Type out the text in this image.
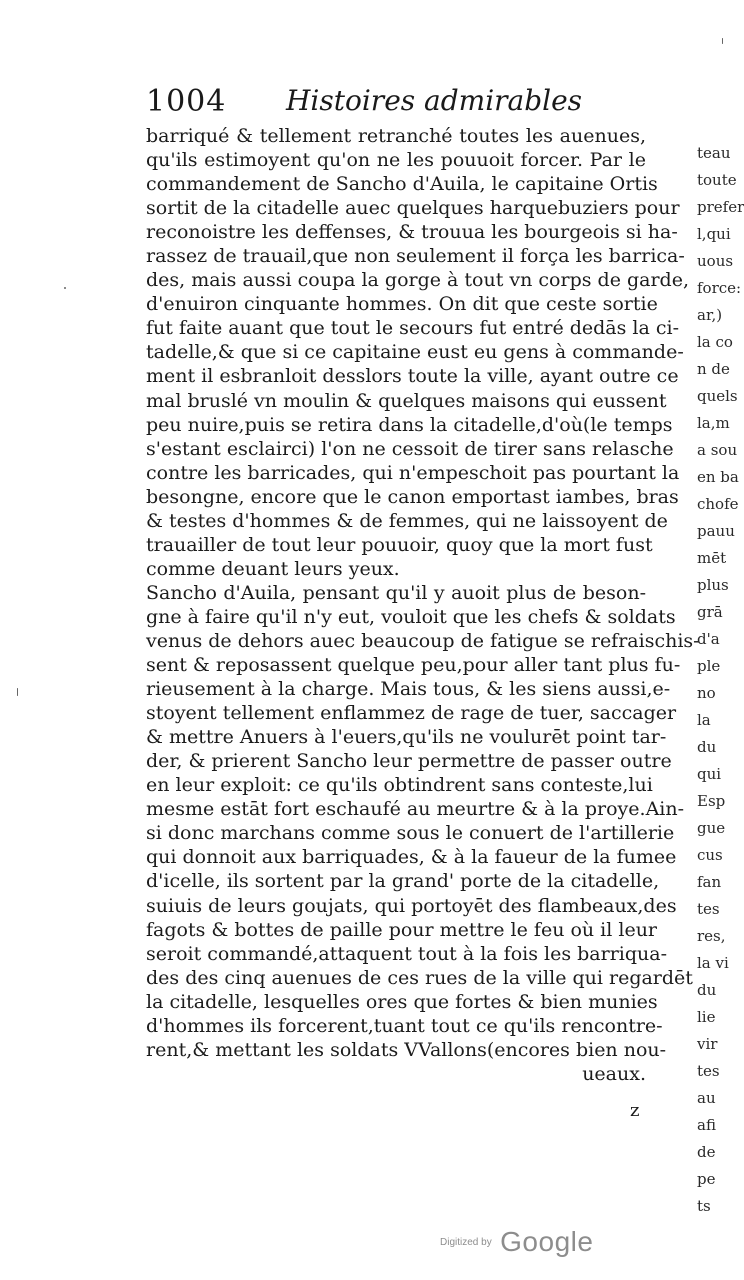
1004 Histoires admirables
barriqué & tellement retranché toutes les auenues,
qu'ils estimoyent qu'on ne les pouuoit forcer. Par le
commandement de Sancho d'Auila, le capitaine Ortis
sortit de la citadelle auec quelques harquebuziers pour
reconoistre les deffenses, & trouua les bourgeois si ha-
rassez de trauail,que non seulement il força les barrica-
des, mais aussi coupa la gorge à tout vn corps de garde,
d'enuiron cinquante hommes. On dit que ceste sortie
fut faite auant que tout le secours fut entré dedās la ci-
tadelle,& que si ce capitaine eust eu gens à commande-
ment il esbranloit desslors toute la ville, ayant outre ce
mal bruslé vn moulin & quelques maisons qui eussent
peu nuire,puis se retira dans la citadelle,d'où(le temps
s'estant esclairci) l'on ne cessoit de tirer sans relasche
contre les barricades, qui n'empeschoit pas pourtant la
besongne, encore que le canon emportast iambes, bras
& testes d'hommes & de femmes, qui ne laissoyent de
trauailler de tout leur pouuoir, quoy que la mort fust
comme deuant leurs yeux.
Sancho d'Auila, pensant qu'il y auoit plus de beson-
gne à faire qu'il n'y eut, vouloit que les chefs & soldats
venus de dehors auec beaucoup de fatigue se refraischis-
sent & reposassent quelque peu,pour aller tant plus fu-
rieusement à la charge. Mais tous, & les siens aussi,e-
stoyent tellement enflammez de rage de tuer, saccager
& mettre Anuers à l'euers,qu'ils ne voulurēt point tar-
der, & prierent Sancho leur permettre de passer outre
en leur exploit: ce qu'ils obtindrent sans conteste,lui
mesme estāt fort eschaufé au meurtre & à la proye.Ain-
si donc marchans comme sous le conuert de l'artillerie
qui donnoit aux barriquades, & à la faueur de la fumee
d'icelle, ils sortent par la grand' porte de la citadelle,
suiuis de leurs goujats, qui portoyēt des flambeaux,des
fagots & bottes de paille pour mettre le feu où il leur
seroit commandé,attaquent tout à la fois les barriqua-
des des cinq auenues de ces rues de la ville qui regardēt
la citadelle, lesquelles ores que fortes & bien munies
d'hommes ils forcerent,tuant tout ce qu'ils rencontre-
rent,& mettant les soldats VVallons(encores bien nou-
ueaux.
z
teau
toute
prefer
l,qui
uous
force:
ar,)
la co
n de
quels
la,m
a sou
en ba
chofe
pauu
mēt
plus
grā
d'a
ple
no
la
du
qui
Esp
gue
cus
fan
tes
res,
la vi
du
lie
vir
tes
au
afi
de
pe
ts
Digitized by Google
